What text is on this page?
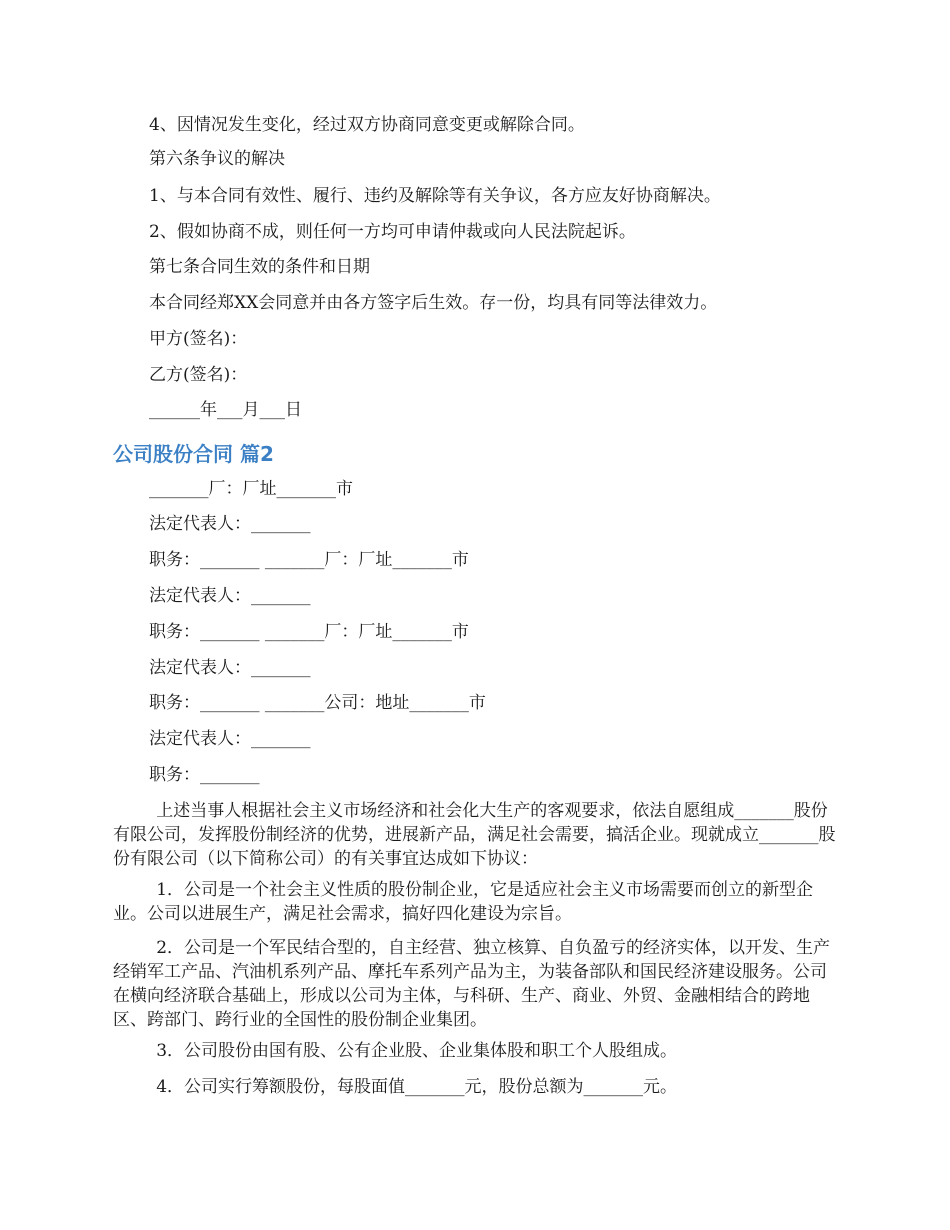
4、因情况发生变化，经过双方协商同意变更或解除合同。
第六条争议的解决
1、与本合同有效性、履行、违约及解除等有关争议，各方应友好协商解决。
2、假如协商不成，则任何一方均可申请仲裁或向人民法院起诉。
第七条合同生效的条件和日期
本合同经郑XX会同意并由各方签字后生效。存一份，均具有同等法律效力。
甲方(签名)：
乙方(签名)：
______年___月___日
公司股份合同 篇2
_______厂：厂址_______市
法定代表人：_______
职务：_______ _______厂：厂址_______市
法定代表人：_______
职务：_______ _______厂：厂址_______市
法定代表人：_______
职务：_______ _______公司：地址_______市
法定代表人：_______
职务：_______
上述当事人根据社会主义市场经济和社会化大生产的客观要求，依法自愿组成_______股份有限公司，发挥股份制经济的优势，进展新产品，满足社会需要，搞活企业。现就成立_______股份有限公司（以下简称公司）的有关事宜达成如下协议：
1．公司是一个社会主义性质的股份制企业，它是适应社会主义市场需要而创立的新型企业。公司以进展生产，满足社会需求，搞好四化建设为宗旨。
2．公司是一个军民结合型的，自主经营、独立核算、自负盈亏的经济实体，以开发、生产经销军工产品、汽油机系列产品、摩托车系列产品为主，为装备部队和国民经济建设服务。公司在横向经济联合基础上，形成以公司为主体，与科研、生产、商业、外贸、金融相结合的跨地区、跨部门、跨行业的全国性的股份制企业集团。
3．公司股份由国有股、公有企业股、企业集体股和职工个人股组成。
4．公司实行筹额股份，每股面值_______元，股份总额为_______元。
